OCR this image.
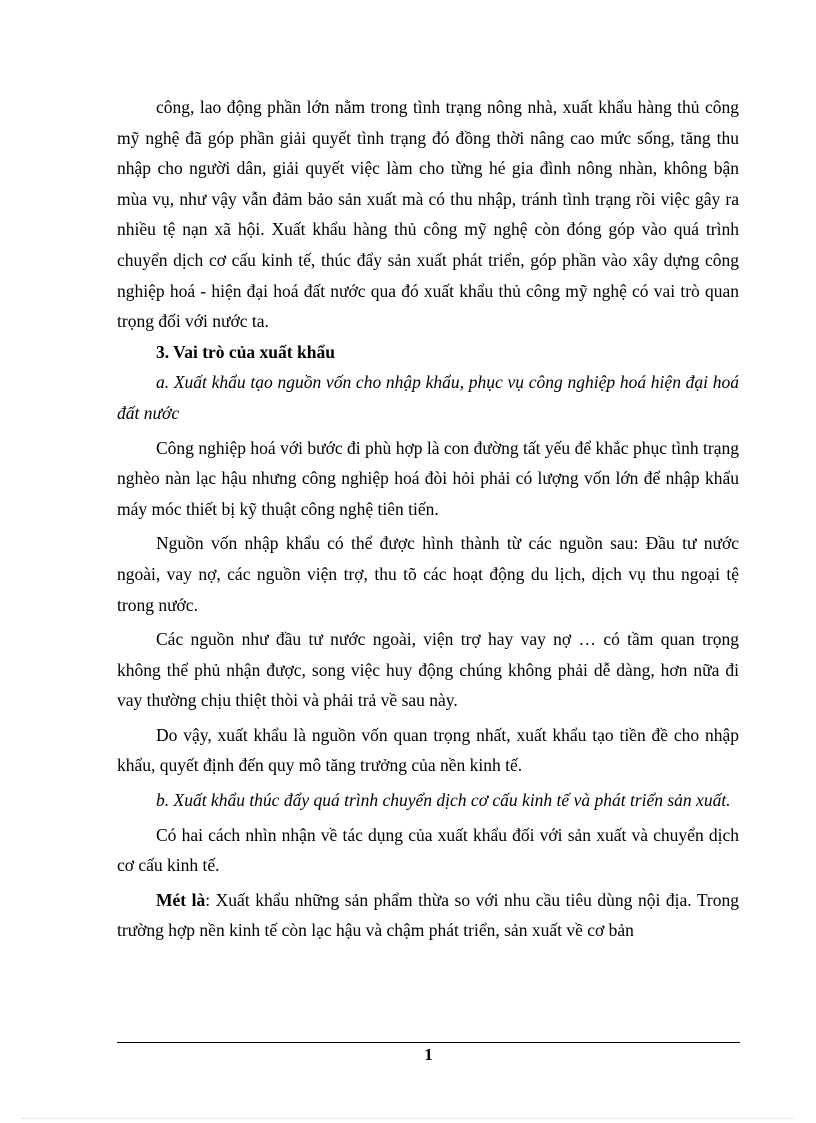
công, lao động phần lớn nằm trong tình trạng nông nhà, xuất khẩu hàng thủ công mỹ nghệ đã góp phần giải quyết tình trạng đó đồng thời nâng cao mức sống, tăng thu nhập cho người dân, giải quyết việc làm cho từng hé gia đình nông nhàn, không bận mùa vụ, như vậy vẫn đảm bảo sản xuất mà có thu nhập, tránh tình trạng rồi việc gây ra nhiều tệ nạn xã hội. Xuất khẩu hàng thủ công mỹ nghệ còn đóng góp vào quá trình chuyển dịch cơ cấu kinh tế, thúc đẩy sản xuất phát triển, góp phần vào xây dựng công nghiệp hoá - hiện đại hoá đất nước qua đó xuất khẩu thủ công mỹ nghệ có vai trò quan trọng đối với nước ta.

3. Vai trò của xuất khẩu

a. Xuất khẩu tạo nguồn vốn cho nhập khẩu, phục vụ công nghiệp hoá hiện đại hoá đất nước

Công nghiệp hoá với bước đi phù hợp là con đường tất yếu để khắc phục tình trạng nghèo nàn lạc hậu nhưng công nghiệp hoá đòi hỏi phải có lượng vốn lớn để nhập khẩu máy móc thiết bị kỹ thuật công nghệ tiên tiến.

Nguồn vốn nhập khẩu có thể được hình thành từ các nguồn sau: Đầu tư nước ngoài, vay nợ, các nguồn viện trợ, thu tõ các hoạt động du lịch, dịch vụ thu ngoại tệ trong nước.

Các nguồn như đầu tư nước ngoài, viện trợ hay vay nợ … có tầm quan trọng không thể phủ nhận được, song việc huy động chúng không phải dễ dàng, hơn nữa đi vay thường chịu thiệt thòi và phải trả về sau này.

Do vậy, xuất khẩu là nguồn vốn quan trọng nhất, xuất khẩu tạo tiền đề cho nhập khẩu, quyết định đến quy mô tăng trưởng của nền kinh tế.

b. Xuất khẩu thúc đẩy quá trình chuyển dịch cơ cấu kinh tế và phát triển sản xuất.

Có hai cách nhìn nhận về tác dụng của xuất khẩu đối với sản xuất và chuyển dịch cơ cấu kinh tế.

Mét là: Xuất khẩu những sản phẩm thừa so với nhu cầu tiêu dùng nội địa. Trong trường hợp nền kinh tế còn lạc hậu và chậm phát triển, sản xuất về cơ bản

1
